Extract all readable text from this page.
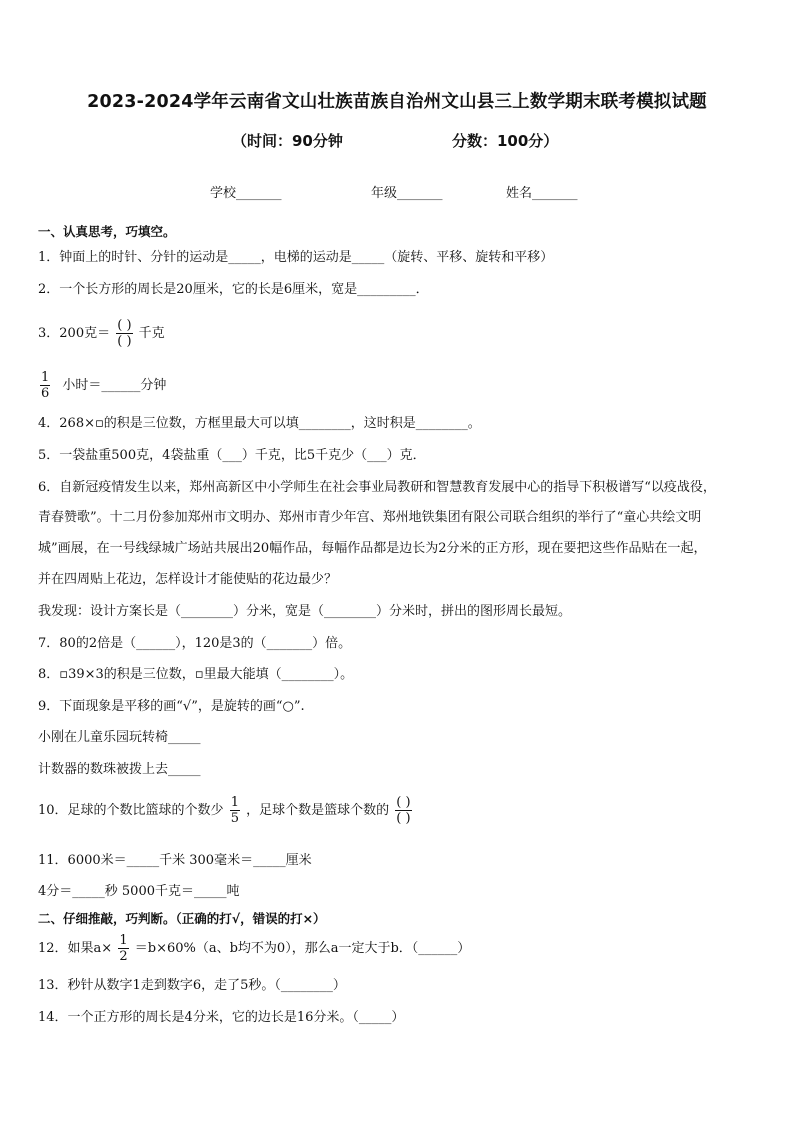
2023-2024学年云南省文山壮族苗族自治州文山县三上数学期末联考模拟试题
（时间：90分钟	分数：100分）
学校_______	年级_______	姓名_______
一、认真思考，巧填空。
1．钟面上的时针、分针的运动是_____，电梯的运动是_____（旋转、平移、旋转和平移）
2．一个长方形的周长是20厘米，它的长是6厘米，宽是_________．
3．200克＝ $\frac{( )}{( )}$ 千克
$\frac{1}{6}$ 小时＝______分钟
4．268×▫的积是三位数，方框里最大可以填________，这时积是________。
5．一袋盐重500克，4袋盐重（___）千克，比5千克少（___）克．
6．自新冠疫情发生以来，郑州高新区中小学师生在社会事业局教研和智慧教育发展中心的指导下积极谱写“以疫战役，
青春赞歌”。十二月份参加郑州市文明办、郑州市青少年宫、郑州地铁集团有限公司联合组织的举行了“童心共绘文明
城”画展，在一号线绿城广场站共展出20幅作品，每幅作品都是边长为2分米的正方形，现在要把这些作品贴在一起，
并在四周贴上花边，怎样设计才能使贴的花边最少？
我发现：设计方案长是（________）分米，宽是（________）分米时，拼出的图形周长最短。
7．80的2倍是（______），120是3的（_______）倍。
8．▫39×3的积是三位数，▫里最大能填（________）。
9．下面现象是平移的画“√”，是旋转的画“○”.
小刚在儿童乐园玩转椅_____
计数器的数珠被拨上去_____
10．足球的个数比篮球的个数少 $\frac{1}{5}$ ，足球个数是篮球个数的 $\frac{( )}{( )}$
11．6000米＝_____千米 300毫米＝_____厘米
4分＝_____秒 5000千克＝_____吨
二、仔细推敲，巧判断。（正确的打√，错误的打×）
12．如果$a\times \frac{1}{2} =b\times 60\%(a$、b均不为0），那么a一定大于b．（______）
13．秒针从数字1走到数字6，走了5秒。（________）
14．一个正方形的周长是4分米，它的边长是16分米。（_____）
